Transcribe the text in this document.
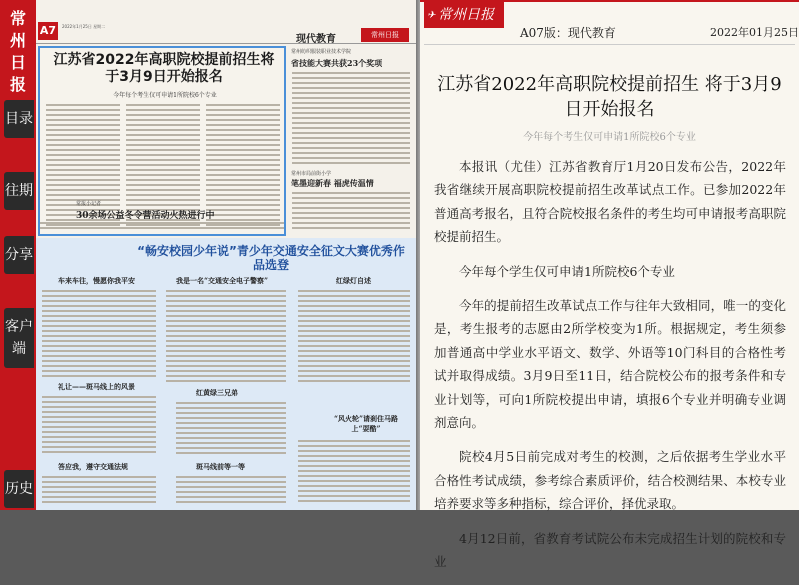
常州日报
目录
往期
分享
客户端
历史
A7	2022年1月25日 星期二
现代教育	常州日报
江苏省2022年高职院校提前招生将于3月9日开始报名
今年每个考生仅可申请1所院校6个专业
常州纺织服装职业技术学院
省技能大赛共获23个奖项
常州市局前街小学
笔墨迎新春 福虎传温情
常报小记者
30余场公益冬令营活动火热进行中
“畅安校园少年说”青少年交通安全征文大赛优秀作品选登
车来车往，慢愿你我平安	我是一名“交通安全电子警察”	红绿灯自述
礼让——斑马线上的风景
红黄绿三兄弟
“风火轮”请刹住马路上“耍酷”
答应我，遵守交通法规	斑马线前等一等
✈ 常州日报
A07版：现代教育	2022年01月25日
江苏省2022年高职院校提前招生 将于3月9日开始报名
今年每个考生仅可申请1所院校6个专业

本报讯（尤佳）江苏省教育厅1月20日发布公告，2022年我省继续开展高职院校提前招生改革试点工作。已参加2022年普通高考报名，且符合院校报名条件的考生均可申请报考高职院校提前招生。

今年每个学生仅可申请1所院校6个专业

今年的提前招生改革试点工作与往年大致相同，唯一的变化是，考生报考的志愿由2所学校变为1所。根据规定，考生须参加普通高中学业水平语文、数学、外语等10门科目的合格性考试并取得成绩。3月9日至11日，结合院校公布的报考条件和专业计划等，可向1所院校提出申请，填报6个专业并明确专业调剂意向。

院校4月5日前完成对考生的校测，之后依据考生学业水平合格性考试成绩，参考综合素质评价，结合校测结果、本校专业培养要求等多种指标，综合评价，择优录取。

4月12日前，省教育考试院公布未完成招生计划的院校和专业
